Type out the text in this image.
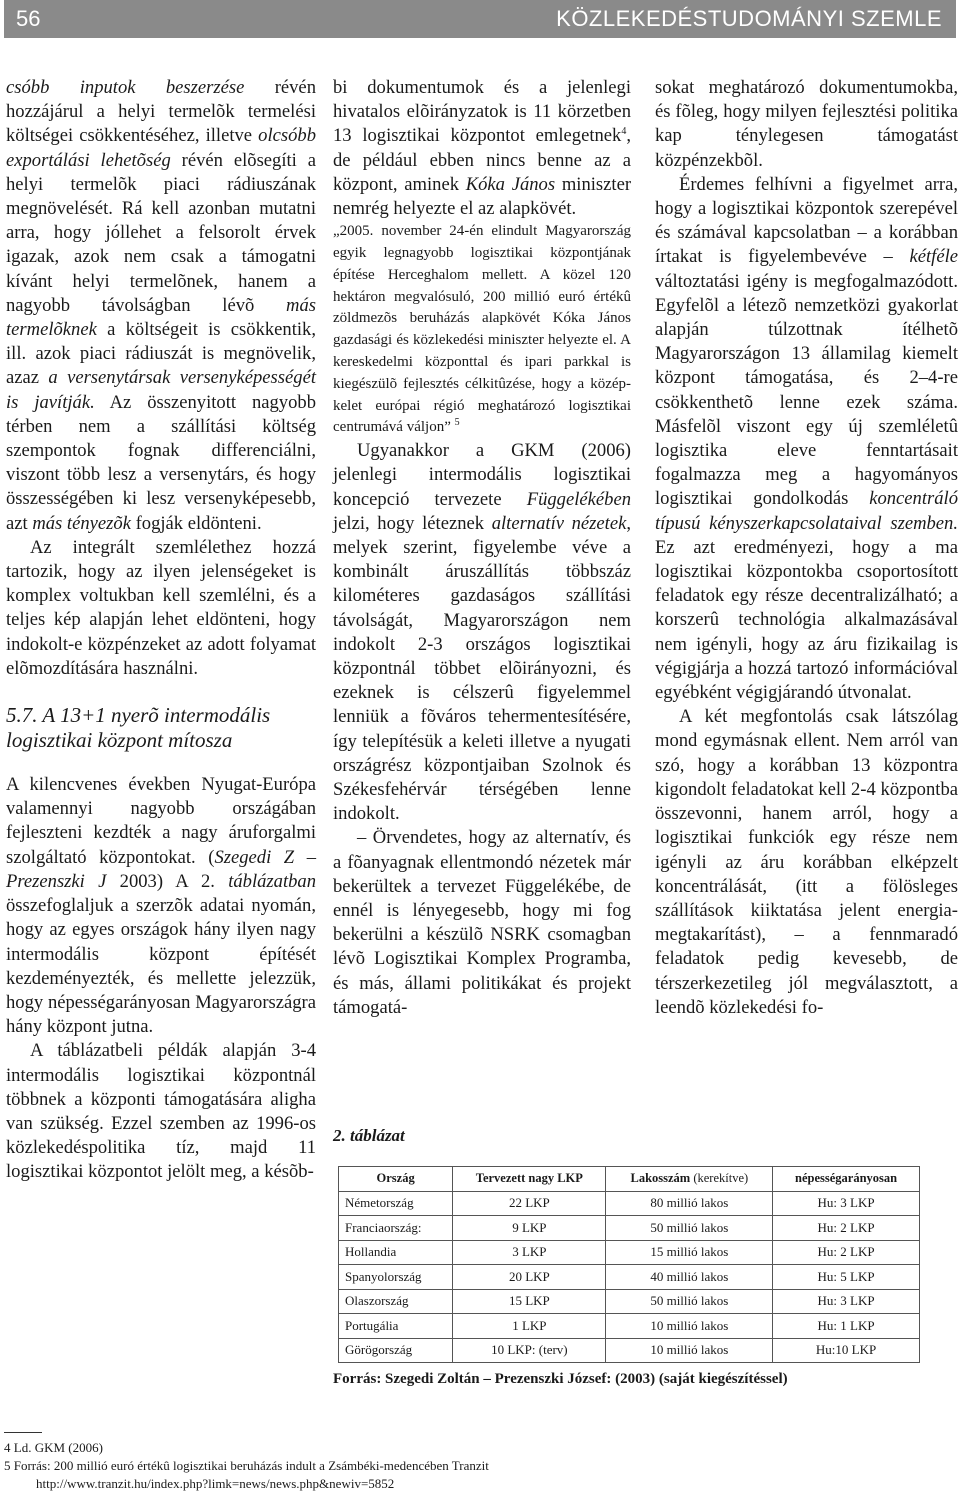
56	KÖZLEKEDÉSTUDOMÁNYI SZEMLE

csóbb inputok beszerzése révén hozzájárul a helyi termelõk termelési költségei csökkentéséhez, illetve olcsóbb exportálási lehetõség révén elõsegíti a helyi termelõk piaci rádiuszának megnövelését. Rá kell azonban mutatni arra, hogy jóllehet a felsorolt érvek igazak, azok nem csak a támogatni kívánt helyi termelõnek, hanem a nagyobb távolságban lévõ más termelõknek a költségeit is csökkentik, ill. azok piaci rádiuszát is megnövelik, azaz a versenytársak versenyképességét is javítják. Az összenyitott nagyobb térben nem a szállítási költség szempontok fognak differenciálni, viszont több lesz a versenytárs, és hogy összességében ki lesz versenyképesebb, azt más tényezõk fogják eldönteni.

Az integrált szemlélethez hozzá tartozik, hogy az ilyen jelenségeket is komplex voltukban kell szemlélni, és a teljes kép alapján lehet eldönteni, hogy indokolt-e közpénzeket az adott folyamat elõmozdítására használni.

5.7. A 13+1 nyerõ intermodális logisztikai központ mítosza

A kilencvenes években Nyugat-Európa valamennyi nagyobb országában fejleszteni kezdték a nagy áruforgalmi szolgáltató központokat. (Szegedi Z – Prezenszki J 2003) A 2. táblázatban összefoglaljuk a szerzõk adatai nyomán, hogy az egyes országok hány ilyen nagy intermodális központ építését kezdeményezték, és mellette jelezzük, hogy népességarányosan Magyarországra hány központ jutna.

A táblázatbeli példák alapján 3-4 intermodális logisztikai központnál többnek a központi támogatására aligha van szükség. Ezzel szemben az 1996-os közlekedéspolitika tíz, majd 11 logisztikai központot jelölt meg, a késõb-

bi dokumentumok és a jelenlegi hivatalos elõirányzatok is 11 körzetben 13 logisztikai központot emlegetnek$^4$, de például ebben nincs benne az a központ, aminek Kóka János miniszter nemrég helyezte el az alapkövét.

„2005. november 24-én elindult Magyarország egyik legnagyobb logisztikai központjának építése Herceghalom mellett. A közel 120 hektáron megvalósuló, 200 millió euró értékû zöldmezõs beruházás alapkövét Kóka János gazdasági és közlekedési miniszter helyezte el. A kereskedelmi központtal és ipari parkkal is kiegészülõ fejlesztés célkitûzése, hogy a közép-kelet európai régió meghatározó logisztikai centrumává váljon” $^5$

Ugyanakkor a GKM (2006) jelenlegi intermodális logisztikai koncepció tervezete Függelékében jelzi, hogy léteznek alternatív nézetek, melyek szerint, figyelembe véve a kombinált áruszállítás többszáz kilométeres gazdaságos szállítási távolságát, Magyarországon nem indokolt 2-3 országos logisztikai központnál többet elõirányozni, és ezeknek is célszerû figyelemmel lenniük a fõváros tehermentesítésére, így telepítésük a keleti illetve a nyugati országrész központjaiban Szolnok és Székesfehérvár térségében lenne indokolt.

– Örvendetes, hogy az alternatív, és a fõanyagnak ellentmondó nézetek már bekerültek a tervezet Függelékébe, de ennél is lényegesebb, hogy mi fog bekerülni a készülõ NSRK csomagban lévõ Logisztikai Komplex Programba, és más, állami politikákat és projekt támogatá-

sokat meghatározó dokumentumokba, és fõleg, hogy milyen fejlesztési politika kap ténylegesen támogatást közpénzekbõl.

Érdemes felhívni a figyelmet arra, hogy a logisztikai központok szerepével és számával kapcsolatban – a korábban írtakat is figyelembevéve – kétféle változtatási igény is megfogalmazódott. Egyfelõl a létezõ nemzetközi gyakorlat alapján túlzottnak ítélhetõ Magyarországon 13 államilag kiemelt központ támogatása, és 2–4-re csökkenthetõ lenne ezek száma. Másfelõl viszont egy új szemléletû logisztika eleve fenntartásait fogalmazza meg a hagyományos logisztikai gondolkodás koncentráló típusú kényszerkapcsolataival szemben. Ez azt eredményezi, hogy a ma logisztikai központokba csoportosított feladatok egy része decentralizálható; a korszerû technológia alkalmazásával nem igényli, hogy az áru fizikailag is végigjárja a hozzá tartozó információval egyébként végigjárandó útvonalat.

A két megfontolás csak látszólag mond egymásnak ellent. Nem arról van szó, hogy a korábban 13 központra kigondolt feladatokat kell 2-4 központba összevonni, hanem arról, hogy a logisztikai funkciók egy része nem igényli az áru korábban elképzelt koncentrálását, (itt a fölösleges szállítások kiiktatása jelent energia-megtakarítást), – a fennmaradó feladatok pedig kevesebb, de térszerkezetileg jól megválasztott, a leendõ közlekedési fo-

2. táblázat
Ország	Tervezett nagy LKP	Lakosszám (kerekítve)	népességarányosan
Németország	22 LKP	80 millió lakos	Hu: 3 LKP
Franciaország:	9 LKP	50 millió lakos	Hu: 2 LKP
Hollandia	3 LKP	15 millió lakos	Hu: 2 LKP
Spanyolország	20 LKP	40 millió lakos	Hu: 5 LKP
Olaszország	15 LKP	50 millió lakos	Hu: 3 LKP
Portugália	1 LKP	10 millió lakos	Hu: 1 LKP
Görögország	10 LKP: (terv)	10 millió lakos	Hu:10 LKP
Forrás: Szegedi Zoltán – Prezenszki József: (2003) (saját kiegészítéssel)
4 Ld. GKM (2006)
5 Forrás: 200 millió euró értékû logisztikai beruházás indult a Zsámbéki-medencében Tranzit
http://www.tranzit.hu/index.php?limk=news/news.php&newiv=5852
